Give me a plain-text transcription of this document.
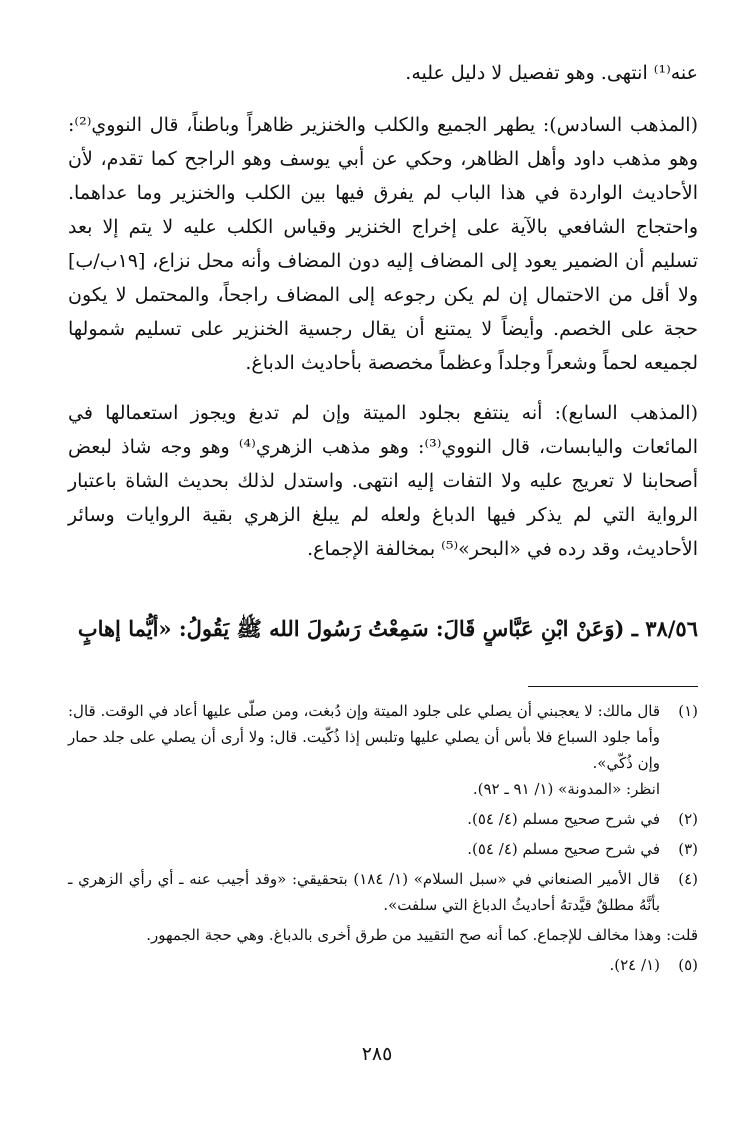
عنه⁽¹⁾ انتهى. وهو تفصيل لا دليل عليه.

(المذهب السادس): يطهر الجميع والكلب والخنزير ظاهراً وباطناً، قال النووي⁽²⁾: وهو مذهب داود وأهل الظاهر، وحكي عن أبي يوسف وهو الراجح كما تقدم، لأن الأحاديث الواردة في هذا الباب لم يفرق فيها بين الكلب والخنزير وما عداهما. واحتجاج الشافعي بالآية على إخراج الخنزير وقياس الكلب عليه لا يتم إلا بعد تسليم أن الضمير يعود إلى المضاف إليه دون المضاف وأنه محل نزاع، [١٩ب/ب] ولا أقل من الاحتمال إن لم يكن رجوعه إلى المضاف راجحاً، والمحتمل لا يكون حجة على الخصم. وأيضاً لا يمتنع أن يقال رجسية الخنزير على تسليم شمولها لجميعه لحماً وشعراً وجلداً وعظماً مخصصة بأحاديث الدباغ.

(المذهب السابع): أنه ينتفع بجلود الميتة وإن لم تدبغ ويجوز استعمالها في المائعات واليابسات، قال النووي⁽³⁾: وهو مذهب الزهري⁽⁴⁾ وهو وجه شاذ لبعض أصحابنا لا تعريج عليه ولا التفات إليه انتهى. واستدل لذلك بحديث الشاة باعتبار الرواية التي لم يذكر فيها الدباغ ولعله لم يبلغ الزهري بقية الروايات وسائر الأحاديث، وقد رده في «البحر»⁽⁵⁾ بمخالفة الإجماع.

٣٨/٥٦ ـ (وَعَنْ ابْنِ عَبَّاسٍ قَالَ: سَمِعْتُ رَسُولَ الله ﷺ يَقُولُ: «أيُّما إهابٍ
(١)
قال مالك: لا يعجبني أن يصلي على جلود الميتة وإن دُبغت، ومن صلّى عليها أعاد في الوقت. قال: وأما جلود السباع فلا بأس أن يصلي عليها وتلبس إذا ذُكّيت. قال: ولا أرى أن يصلي على جلد حمار وإن ذُكّي».
انظر: «المدونة» (١/ ٩١ ـ ٩٢).
(٢)
في شرح صحيح مسلم (٤/ ٥٤).
(٣)
في شرح صحيح مسلم (٤/ ٥٤).
(٤)
قال الأمير الصنعاني في «سبل السلام» (١/ ١٨٤) بتحقيقي: «وقد أجيب عنه ـ أي رأي الزهري ـ بأنَّهُ مطلقٌ قيَّدتهُ أحاديثُ الدباغ التي سلفت».

قلت: وهذا مخالف للإجماع. كما أنه صح التقييد من طرق أخرى بالدباغ. وهي حجة الجمهور.

(٥)
(١/ ٢٤).
٢٨٥
